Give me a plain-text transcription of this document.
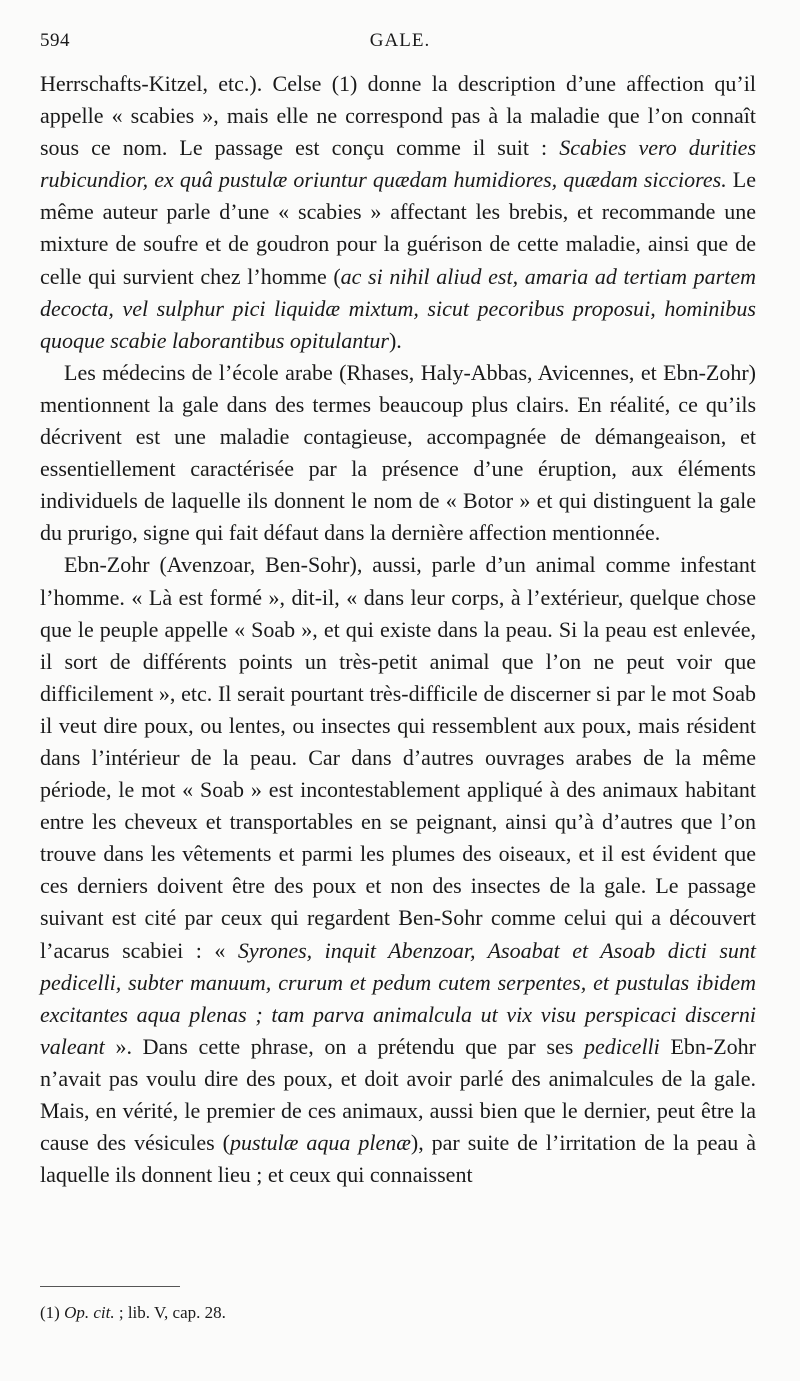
594	GALE.

Herrschafts-Kitzel, etc.). Celse (1) donne la description d’une affection qu’il appelle « scabies », mais elle ne correspond pas à la maladie que l’on connaît sous ce nom. Le passage est conçu comme il suit : Scabies vero durities rubicundior, ex quâ pustulæ oriuntur quædam humidiores, quædam sicciores. Le même auteur parle d’une « scabies » affectant les brebis, et recommande une mixture de soufre et de goudron pour la guérison de cette maladie, ainsi que de celle qui survient chez l’homme (ac si nihil aliud est, amaria ad tertiam partem decocta, vel sulphur pici liquidæ mixtum, sicut pecoribus proposui, hominibus quoque scabie laborantibus opitulantur).

Les médecins de l’école arabe (Rhases, Haly-Abbas, Avicennes, et Ebn-Zohr) mentionnent la gale dans des termes beaucoup plus clairs. En réalité, ce qu’ils décrivent est une maladie contagieuse, accompagnée de démangeaison, et essentiellement caractérisée par la présence d’une éruption, aux éléments individuels de laquelle ils donnent le nom de « Botor » et qui distinguent la gale du prurigo, signe qui fait défaut dans la dernière affection mentionnée.

Ebn-Zohr (Avenzoar, Ben-Sohr), aussi, parle d’un animal comme infestant l’homme. « Là est formé », dit-il, « dans leur corps, à l’extérieur, quelque chose que le peuple appelle « Soab », et qui existe dans la peau. Si la peau est enlevée, il sort de différents points un très-petit animal que l’on ne peut voir que difficilement », etc. Il serait pourtant très-difficile de discerner si par le mot Soab il veut dire poux, ou lentes, ou insectes qui ressemblent aux poux, mais résident dans l’intérieur de la peau. Car dans d’autres ouvrages arabes de la même période, le mot « Soab » est incontestablement appliqué à des animaux habitant entre les cheveux et transportables en se peignant, ainsi qu’à d’autres que l’on trouve dans les vêtements et parmi les plumes des oiseaux, et il est évident que ces derniers doivent être des poux et non des insectes de la gale. Le passage suivant est cité par ceux qui regardent Ben-Sohr comme celui qui a découvert l’acarus scabiei : « Syrones, inquit Abenzoar, Asoabat et Asoab dicti sunt pedicelli, subter manuum, crurum et pedum cutem serpentes, et pustulas ibidem excitantes aqua plenas ; tam parva animalcula ut vix visu perspicaci discerni valeant ». Dans cette phrase, on a prétendu que par ses pedicelli Ebn-Zohr n’avait pas voulu dire des poux, et doit avoir parlé des animalcules de la gale. Mais, en vérité, le premier de ces animaux, aussi bien que le dernier, peut être la cause des vésicules (pustulæ aqua plenæ), par suite de l’irritation de la peau à laquelle ils donnent lieu ; et ceux qui connaissent

(1) Op. cit. ; lib. V, cap. 28.
